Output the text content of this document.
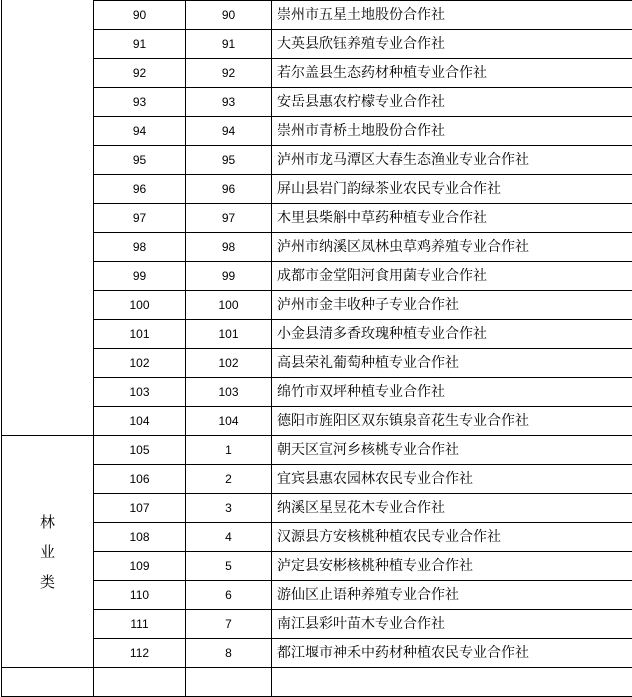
	90	90	崇州市五星土地股份合作社
	91	91	大英县欣钰养殖专业合作社
	92	92	若尔盖县生态药材种植专业合作社
	93	93	安岳县惠农柠檬专业合作社
	94	94	崇州市青桥土地股份合作社
	95	95	泸州市龙马潭区大春生态渔业专业合作社
	96	96	屏山县岩门韵绿茶业农民专业合作社
	97	97	木里县柴斛中草药种植专业合作社
	98	98	泸州市纳溪区凤林虫草鸡养殖专业合作社
	99	99	成都市金堂阳河食用菌专业合作社
	100	100	泸州市金丰收种子专业合作社
	101	101	小金县清多香玫瑰种植专业合作社
	102	102	高县荣礼葡萄种植专业合作社
	103	103	绵竹市双坪种植专业合作社
	104	104	德阳市旌阳区双东镇泉音花生专业合作社

林
业
类	105	1	朝天区宣河乡核桃专业合作社
	106	2	宜宾县惠农园林农民专业合作社
	107	3	纳溪区星昱花木专业合作社
	108	4	汉源县方安核桃种植农民专业合作社
	109	5	泸定县安彬核桃种植专业合作社
	110	6	游仙区止语种养殖专业合作社
	111	7	南江县彩叶苗木专业合作社
	112	8	都江堰市神禾中药材种植农民专业合作社
